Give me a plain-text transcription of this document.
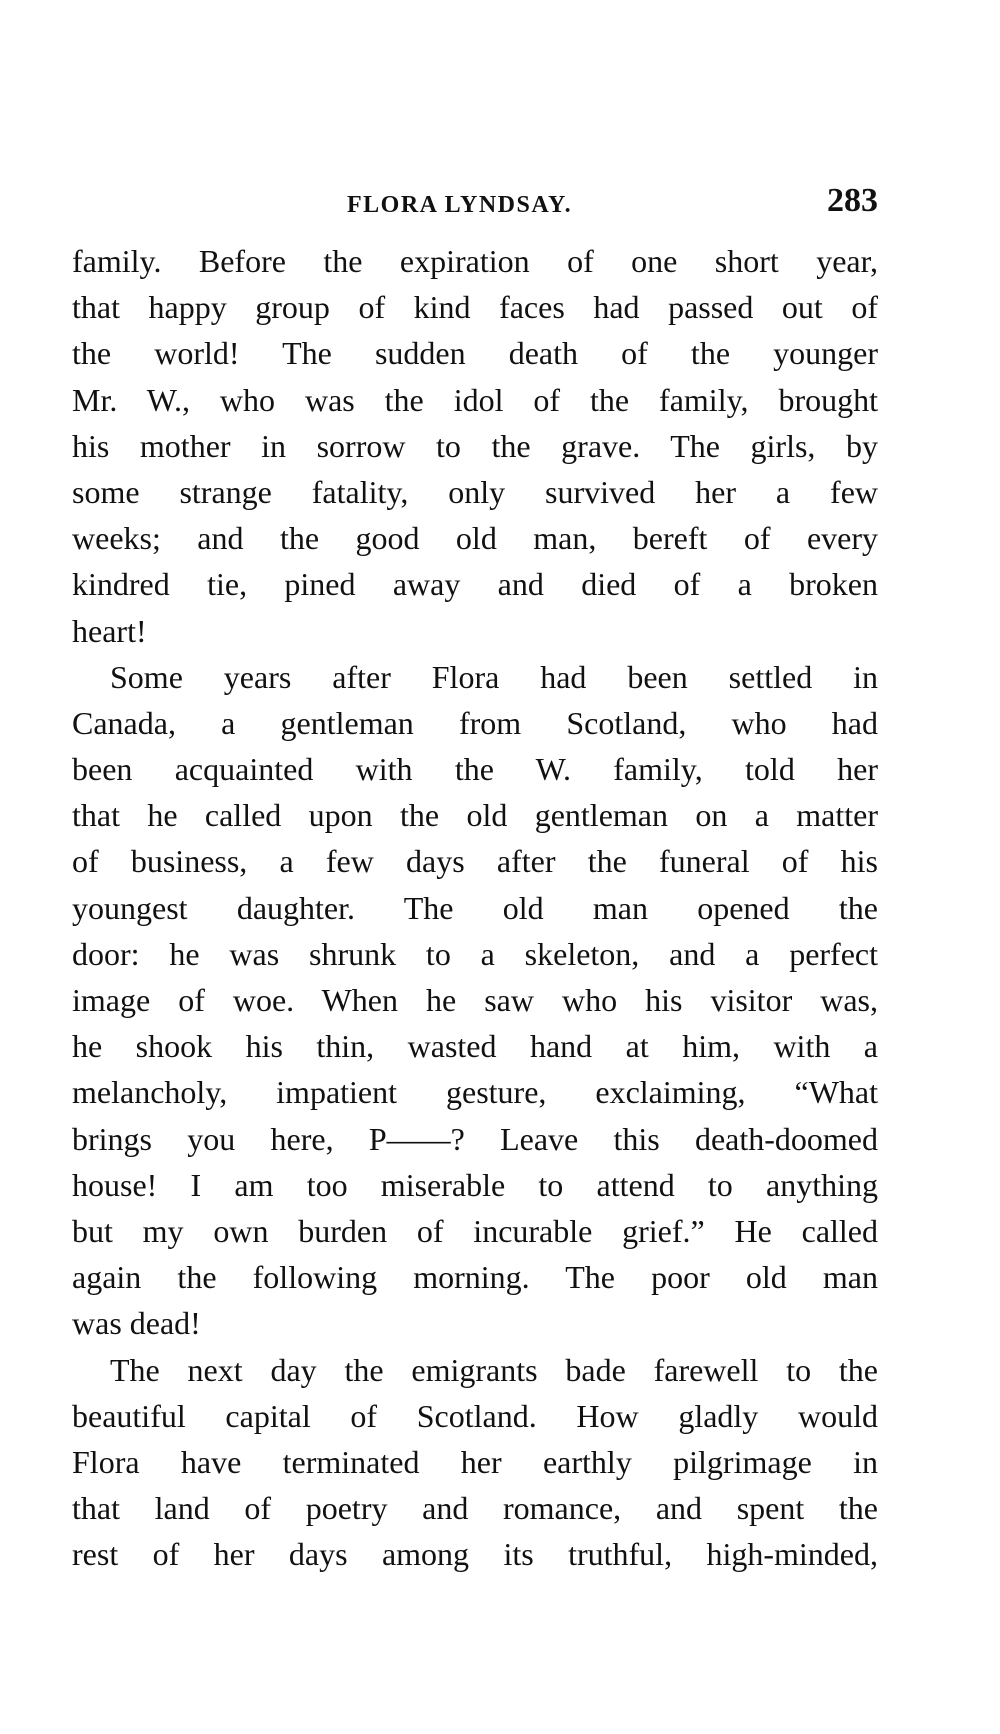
FLORA LYNDSAY.	283
family. Before the expiration of one short year,
that happy group of kind faces had passed out of
the world! The sudden death of the younger
Mr. W., who was the idol of the family, brought
his mother in sorrow to the grave. The girls, by
some strange fatality, only survived her a few
weeks; and the good old man, bereft of every
kindred tie, pined away and died of a broken
heart!
Some years after Flora had been settled in
Canada, a gentleman from Scotland, who had
been acquainted with the W. family, told her
that he called upon the old gentleman on a matter
of business, a few days after the funeral of his
youngest daughter. The old man opened the
door: he was shrunk to a skeleton, and a perfect
image of woe. When he saw who his visitor was,
he shook his thin, wasted hand at him, with a
melancholy, impatient gesture, exclaiming, “What
brings you here, P——? Leave this death-doomed
house! I am too miserable to attend to anything
but my own burden of incurable grief.” He called
again the following morning. The poor old man
was dead!
The next day the emigrants bade farewell to the
beautiful capital of Scotland. How gladly would
Flora have terminated her earthly pilgrimage in
that land of poetry and romance, and spent the
rest of her days among its truthful, high-minded,
